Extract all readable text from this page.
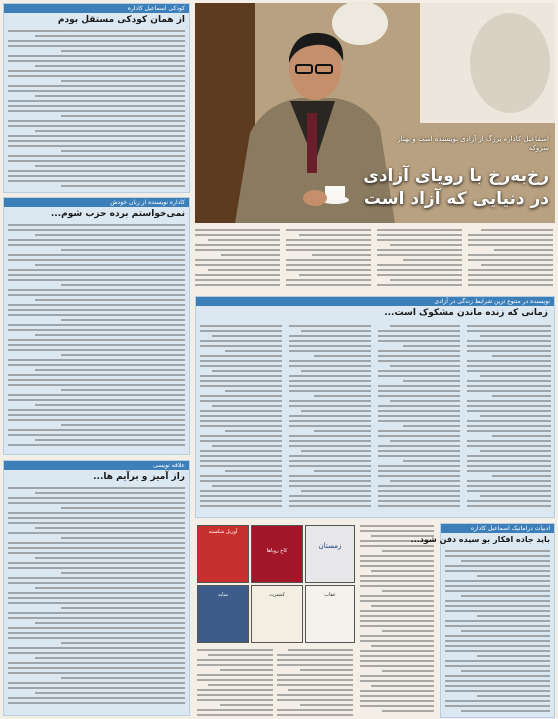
کودکی اسماعیل کاداره
از همان کودکی مستقل بودم
کاداره نویسنده از زبان خودش
نمی‌خواستم برده حزب شوم...
علاقه نویسی
راز آمیز و برآیم ها...
اسماعیل کاداره بزرگ از آزادی نویسنده است و بهتاز سروکه
رخ‌به‌رخ با رویای آزادی
در دنیایی که آزاد است
نویسنده در متنوع ترین شرایط زندگی در آزادی
زمانی که زنده ماندن مشکوک است...
آوریل شکسته
کاخ رویاها
زمستان
سایه	کنسرت	عقاب
ادبیات دراماتیک اسماعیل کاداره
باید جاده افکار بو سیده دفن شود...
